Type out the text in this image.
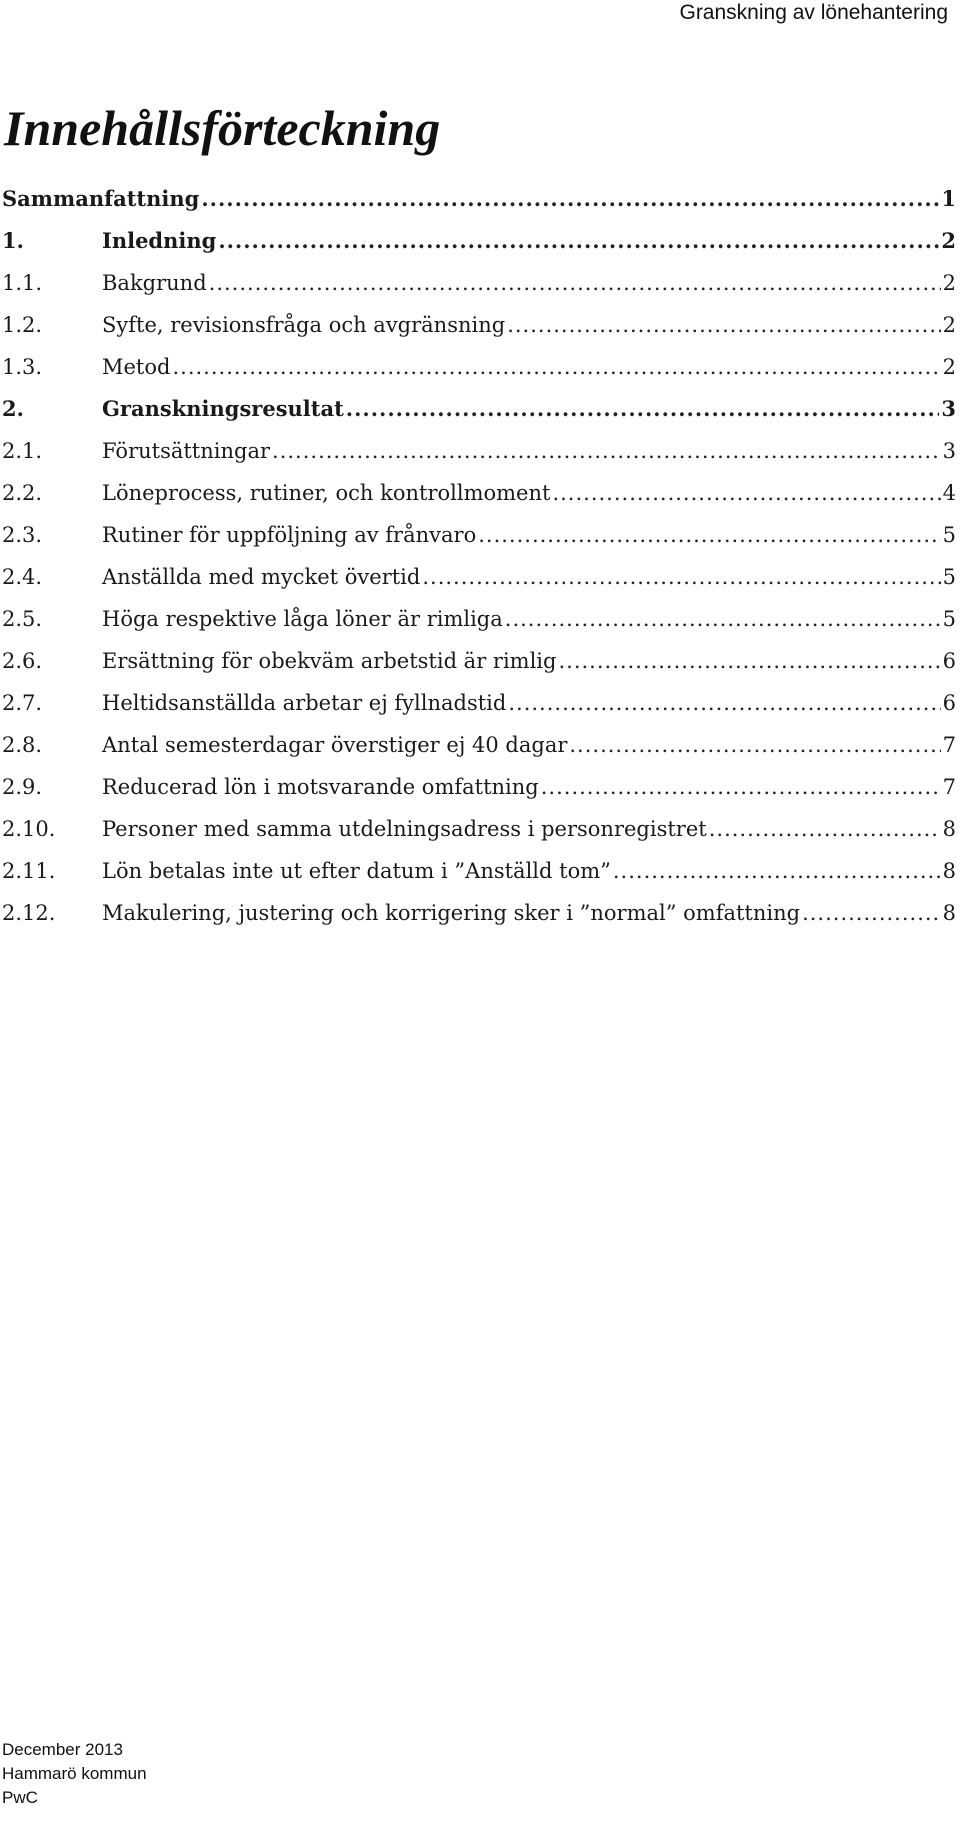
Granskning av lönehantering
Innehållsförteckning
Sammanfattning .....	1
1.	Inledning .....	2
1.1.	Bakgrund .....	2
1.2.	Syfte, revisionsfråga och avgränsning .....	2
1.3.	Metod .....	2
2.	Granskningsresultat .....	3
2.1.	Förutsättningar .....	3
2.2.	Löneprocess, rutiner, och kontrollmoment .....	4
2.3.	Rutiner för uppföljning av frånvaro .....	5
2.4.	Anställda med mycket övertid .....	5
2.5.	Höga respektive låga löner är rimliga .....	5
2.6.	Ersättning för obekväm arbetstid är rimlig .....	6
2.7.	Heltidsanställda arbetar ej fyllnadstid .....	6
2.8.	Antal semesterdagar överstiger ej 40 dagar .....	7
2.9.	Reducerad lön i motsvarande omfattning .....	7
2.10.	Personer med samma utdelningsadress i personregistret .....	8
2.11.	Lön betalas inte ut efter datum i ”Anställd tom” .....	8
2.12.	Makulering, justering och korrigering sker i ”normal” omfattning .....	8
December 2013
Hammarö kommun
PwC
